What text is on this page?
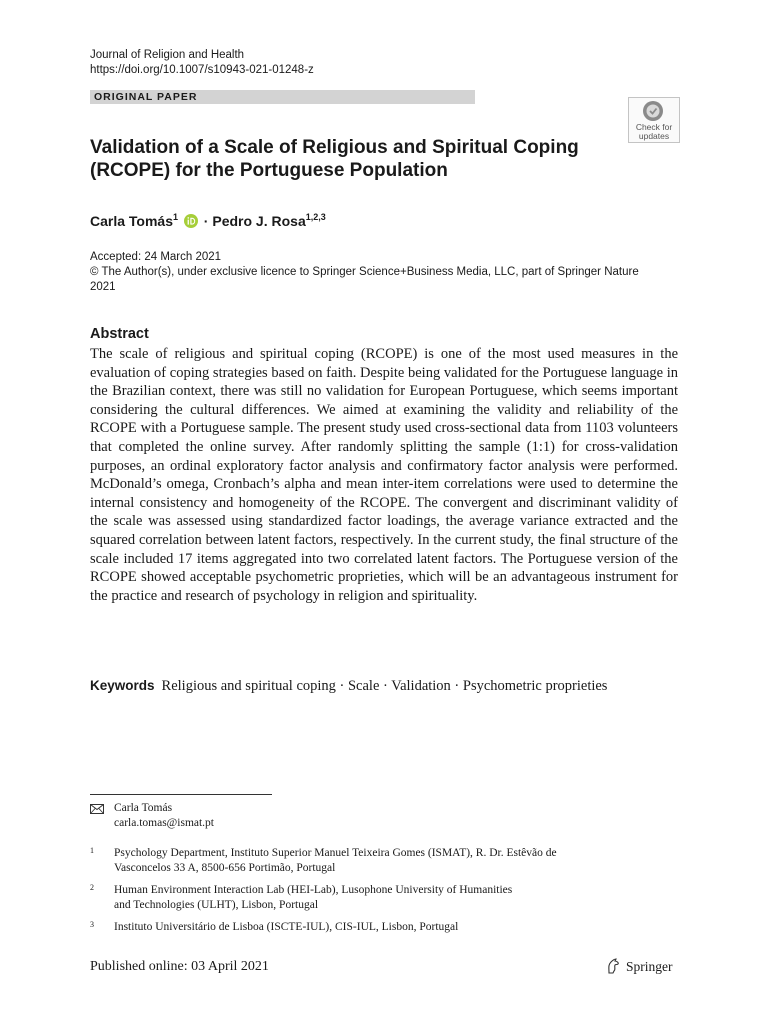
Journal of Religion and Health
https://doi.org/10.1007/s10943-021-01248-z
ORIGINAL PAPER
Check for
updates
Validation of a Scale of Religious and Spiritual Coping
(RCOPE) for the Portuguese Population
Carla Tomás$^1$ · Pedro J. Rosa$^{1,2,3}$
Accepted: 24 March 2021
© The Author(s), under exclusive licence to Springer Science+Business Media, LLC, part of Springer Nature
2021
Abstract
The scale of religious and spiritual coping (RCOPE) is one of the most used measures in the evaluation of coping strategies based on faith. Despite being validated for the Portuguese language in the Brazilian context, there was still no validation for European Portuguese, which seems important considering the cultural differences. We aimed at examining the validity and reliability of the RCOPE with a Portuguese sample. The present study used cross-sectional data from 1103 volunteers that completed the online survey. After randomly splitting the sample (1:1) for cross-validation purposes, an ordinal exploratory factor analysis and confirmatory factor analysis were performed. McDonald’s omega, Cronbach’s alpha and mean inter-item correlations were used to determine the internal consistency and homogeneity of the RCOPE. The convergent and discriminant validity of the scale was assessed using standardized factor loadings, the average variance extracted and the squared correlation between latent factors, respectively. In the current study, the final structure of the scale included 17 items aggregated into two correlated latent factors. The Portuguese version of the RCOPE showed acceptable psychometric proprieties, which will be an advantageous instrument for the practice and research of psychology in religion and spirituality.
Keywords Religious and spiritual coping · Scale · Validation · Psychometric proprieties
Carla Tomás
carla.tomas@ismat.pt
1 Psychology Department, Instituto Superior Manuel Teixeira Gomes (ISMAT), R. Dr. Estêvão de
Vasconcelos 33 A, 8500-656 Portimão, Portugal
2 Human Environment Interaction Lab (HEI-Lab), Lusophone University of Humanities
and Technologies (ULHT), Lisbon, Portugal
3 Instituto Universitário de Lisboa (ISCTE-IUL), CIS-IUL, Lisbon, Portugal
Published online: 03 April 2021	Springer
